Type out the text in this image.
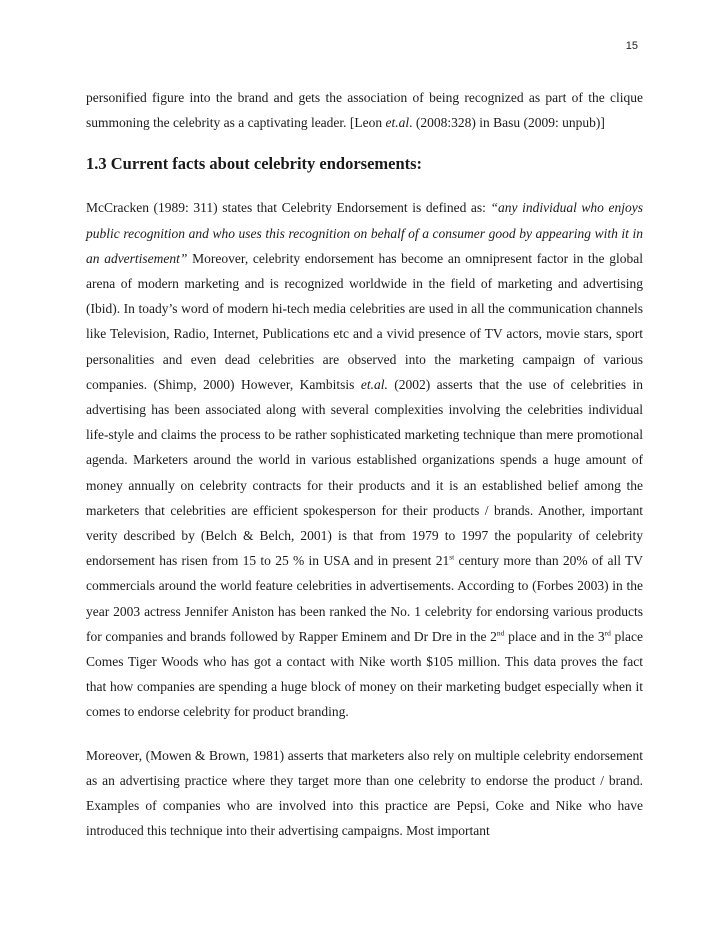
15

personified figure into the brand and gets the association of being recognized as part of the clique summoning the celebrity as a captivating leader. [Leon et.al. (2008:328) in Basu (2009: unpub)]

1.3 Current facts about celebrity endorsements:

McCracken (1989: 311) states that Celebrity Endorsement is defined as: “any individual who enjoys public recognition and who uses this recognition on behalf of a consumer good by appearing with it in an advertisement” Moreover, celebrity endorsement has become an omnipresent factor in the global arena of modern marketing and is recognized worldwide in the field of marketing and advertising (Ibid). In toady’s word of modern hi-tech media celebrities are used in all the communication channels like Television, Radio, Internet, Publications etc and a vivid presence of TV actors, movie stars, sport personalities and even dead celebrities are observed into the marketing campaign of various companies. (Shimp, 2000) However, Kambitsis et.al. (2002) asserts that the use of celebrities in advertising has been associated along with several complexities involving the celebrities individual life-style and claims the process to be rather sophisticated marketing technique than mere promotional agenda. Marketers around the world in various established organizations spends a huge amount of money annually on celebrity contracts for their products and it is an established belief among the marketers that celebrities are efficient spokesperson for their products / brands. Another, important verity described by (Belch & Belch, 2001) is that from 1979 to 1997 the popularity of celebrity endorsement has risen from 15 to 25 % in USA and in present 21st century more than 20% of all TV commercials around the world feature celebrities in advertisements. According to (Forbes 2003) in the year 2003 actress Jennifer Aniston has been ranked the No. 1 celebrity for endorsing various products for companies and brands followed by Rapper Eminem and Dr Dre in the 2nd place and in the 3rd place Comes Tiger Woods who has got a contact with Nike worth $105 million. This data proves the fact that how companies are spending a huge block of money on their marketing budget especially when it comes to endorse celebrity for product branding.

Moreover, (Mowen & Brown, 1981) asserts that marketers also rely on multiple celebrity endorsement as an advertising practice where they target more than one celebrity to endorse the product / brand. Examples of companies who are involved into this practice are Pepsi, Coke and Nike who have introduced this technique into their advertising campaigns. Most important
